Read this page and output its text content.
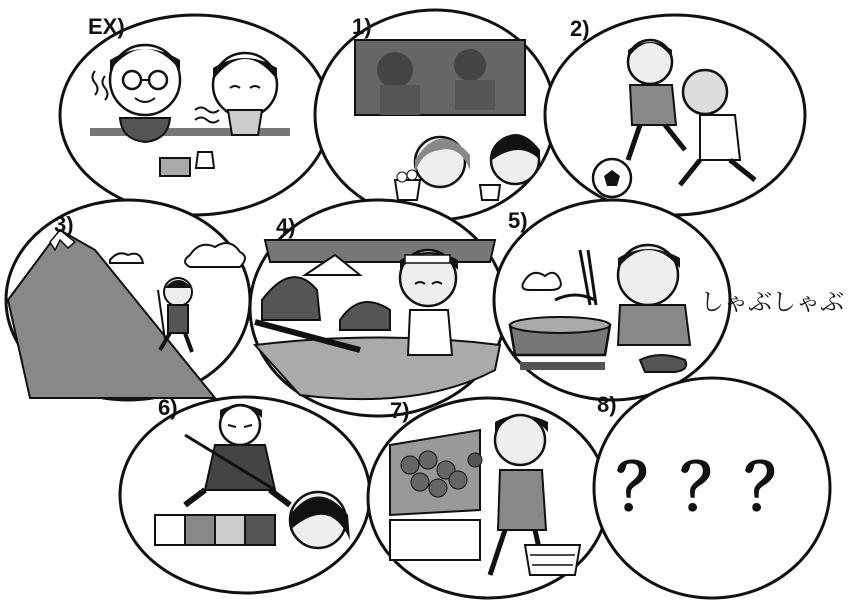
EX)	1)	2)
3)	4)	5)
しゃぶしゃぶ
6)	7)	8)
？？？
